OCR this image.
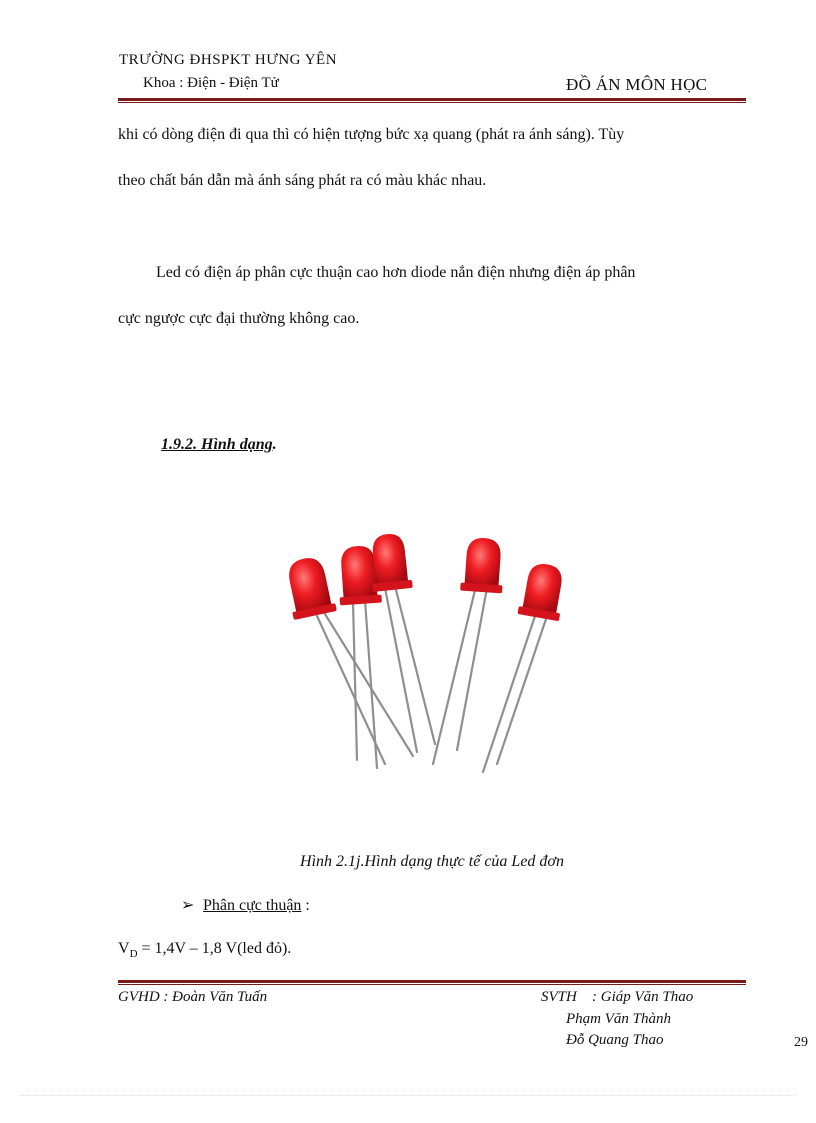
TRƯỜNG ĐHSPKT HƯNG YÊN
Khoa : Điện - Điện Tử	ĐỒ ÁN MÔN HỌC
khi có dòng điện đi qua thì có hiện tượng bức xạ quang (phát ra ánh sáng). Tùy
theo chất bán dẫn mà ánh sáng phát ra có màu khác nhau.
Led có điện áp phân cực thuận cao hơn diode nắn điện nhưng điện áp phân
cực ngược cực đại thường không cao.
1.9.2. Hình dạng.
Hình 2.1j.Hình dạng thực tế của Led đơn
➢ Phân cực thuận :
$V_D = 1,4V - 1,8$ V(led đỏ).
GVHD : Đoàn Văn Tuấn	SVTH : Giáp Văn Thao
Phạm Văn Thành
Đỗ Quang Thao	29
